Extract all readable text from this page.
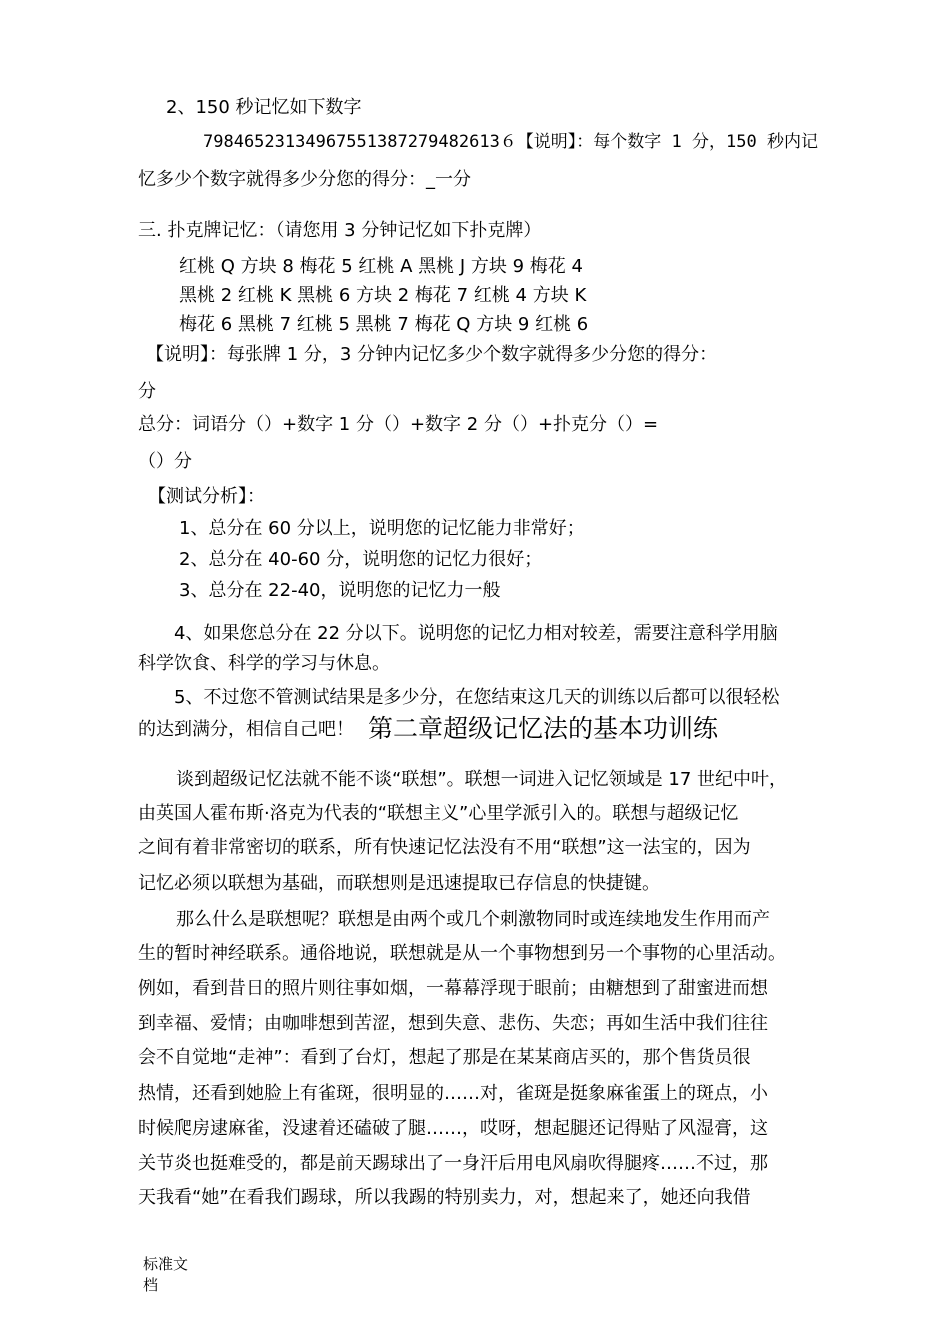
2、150 秒记忆如下数字
79846523134967551387279482613６【说明】：每个数字 1 分，150 秒内记
忆多少个数字就得多少分您的得分：_一分
三. 扑克牌记忆：（请您用 3 分钟记忆如下扑克牌）
红桃 Q 方块 8 梅花 5 红桃 A 黑桃 J 方块 9 梅花 4
黑桃 2 红桃 K 黑桃 6 方块 2 梅花 7 红桃 4 方块 K
梅花 6 黑桃 7 红桃 5 黑桃 7 梅花 Q 方块 9 红桃 6
【说明】：每张牌 1 分，3 分钟内记忆多少个数字就得多少分您的得分：
分
总分：词语分（）+数字 1 分（）+数字 2 分（）+扑克分（）=
（）分
【测试分析】：
1、总分在 60 分以上，说明您的记忆能力非常好；
2、总分在 40-60 分，说明您的记忆力很好；
3、总分在 22-40，说明您的记忆力一般
4、如果您总分在 22 分以下。说明您的记忆力相对较差，需要注意科学用脑
科学饮食、科学的学习与休息。
5、不过您不管测试结果是多少分，在您结束这几天的训练以后都可以很轻松
的达到满分，相信自己吧！ 第二章超级记忆法的基本功训练
谈到超级记忆法就不能不谈“联想”。联想一词进入记忆领域是 17 世纪中叶，
由英国人霍布斯·洛克为代表的“联想主义”心里学派引入的。联想与超级记忆
之间有着非常密切的联系，所有快速记忆法没有不用“联想”这一法宝的，因为
记忆必须以联想为基础，而联想则是迅速提取已存信息的快捷键。
那么什么是联想呢？联想是由两个或几个刺激物同时或连续地发生作用而产
生的暂时神经联系。通俗地说，联想就是从一个事物想到另一个事物的心里活动。
例如，看到昔日的照片则往事如烟，一幕幕浮现于眼前；由糖想到了甜蜜进而想
到幸福、爱情；由咖啡想到苦涩，想到失意、悲伤、失恋；再如生活中我们往往
会不自觉地“走神”：看到了台灯，想起了那是在某某商店买的，那个售货员很
热情，还看到她脸上有雀斑，很明显的……对，雀斑是挺象麻雀蛋上的斑点，小
时候爬房逮麻雀，没逮着还磕破了腿……，哎呀，想起腿还记得贴了风湿膏，这
关节炎也挺难受的，都是前天踢球出了一身汗后用电风扇吹得腿疼……不过，那
天我看“她”在看我们踢球，所以我踢的特别卖力，对，想起来了，她还向我借
标准文
档
